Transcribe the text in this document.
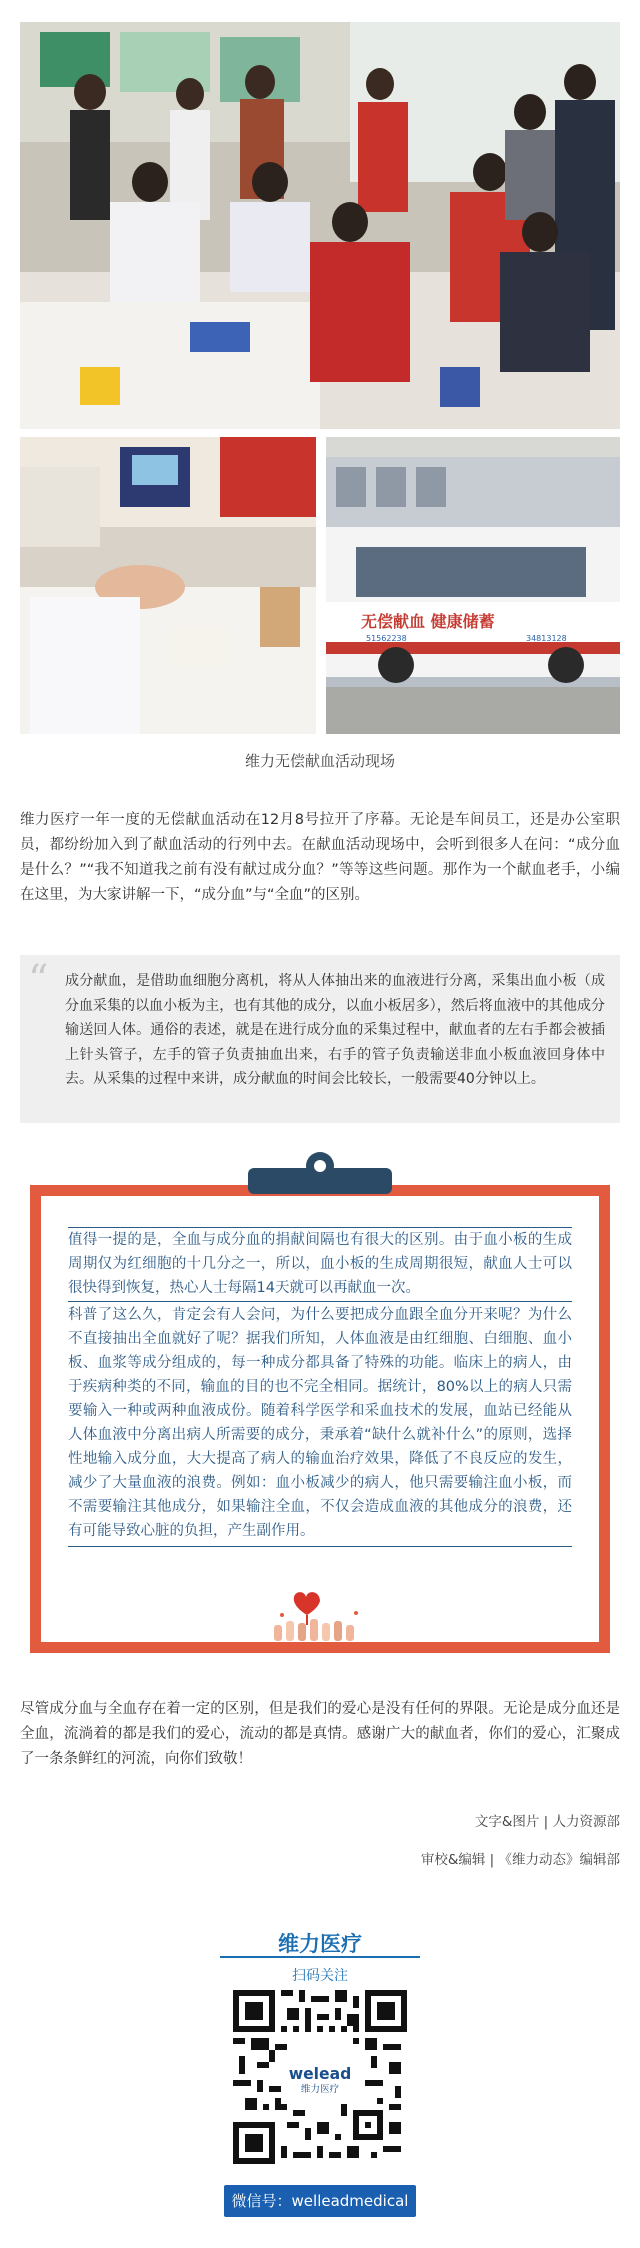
无偿献血 健康储蓄
51562238	34813128
维力无偿献血活动现场
维力医疗一年一度的无偿献血活动在12月8号拉开了序幕。无论是车间员工，还是办公室职员，都纷纷加入到了献血活动的行列中去。在献血活动现场中，会听到很多人在问：“成分血是什么？”“我不知道我之前有没有献过成分血？”等等这些问题。那作为一个献血老手，小编在这里，为大家讲解一下，“成分血”与“全血”的区别。
“ 成分献血，是借助血细胞分离机，将从人体抽出来的血液进行分离，采集出血小板（成分血采集的以血小板为主，也有其他的成分，以血小板居多），然后将血液中的其他成分输送回人体。通俗的表述，就是在进行成分血的采集过程中，献血者的左右手都会被插上针头管子，左手的管子负责抽血出来，右手的管子负责输送非血小板血液回身体中去。从采集的过程中来讲，成分献血的时间会比较长，一般需要40分钟以上。
值得一提的是，全血与成分血的捐献间隔也有很大的区别。由于血小板的生成周期仅为红细胞的十几分之一，所以，血小板的生成周期很短，献血人士可以很快得到恢复，热心人士每隔14天就可以再献血一次。
科普了这么久，肯定会有人会问，为什么要把成分血跟全血分开来呢？为什么不直接抽出全血就好了呢？据我们所知，人体血液是由红细胞、白细胞、血小板、血浆等成分组成的，每一种成分都具备了特殊的功能。临床上的病人，由于疾病种类的不同，输血的目的也不完全相同。据统计，80%以上的病人只需要输入一种或两种血液成份。随着科学医学和采血技术的发展，血站已经能从人体血液中分离出病人所需要的成分，秉承着“缺什么就补什么”的原则，选择性地输入成分血，大大提高了病人的输血治疗效果，降低了不良反应的发生，减少了大量血液的浪费。例如：血小板减少的病人，他只需要输注血小板，而不需要输注其他成分，如果输注全血，不仅会造成血液的其他成分的浪费，还有可能导致心脏的负担，产生副作用。
尽管成分血与全血存在着一定的区别，但是我们的爱心是没有任何的界限。无论是成分血还是全血，流淌着的都是我们的爱心，流动的都是真情。感谢广大的献血者，你们的爱心，汇聚成了一条条鲜红的河流，向你们致敬！
文字&图片 | 人力资源部
审校&编辑 | 《维力动态》编辑部
维力医疗
扫码关注
welead
维力医疗
微信号：welleadmedical
